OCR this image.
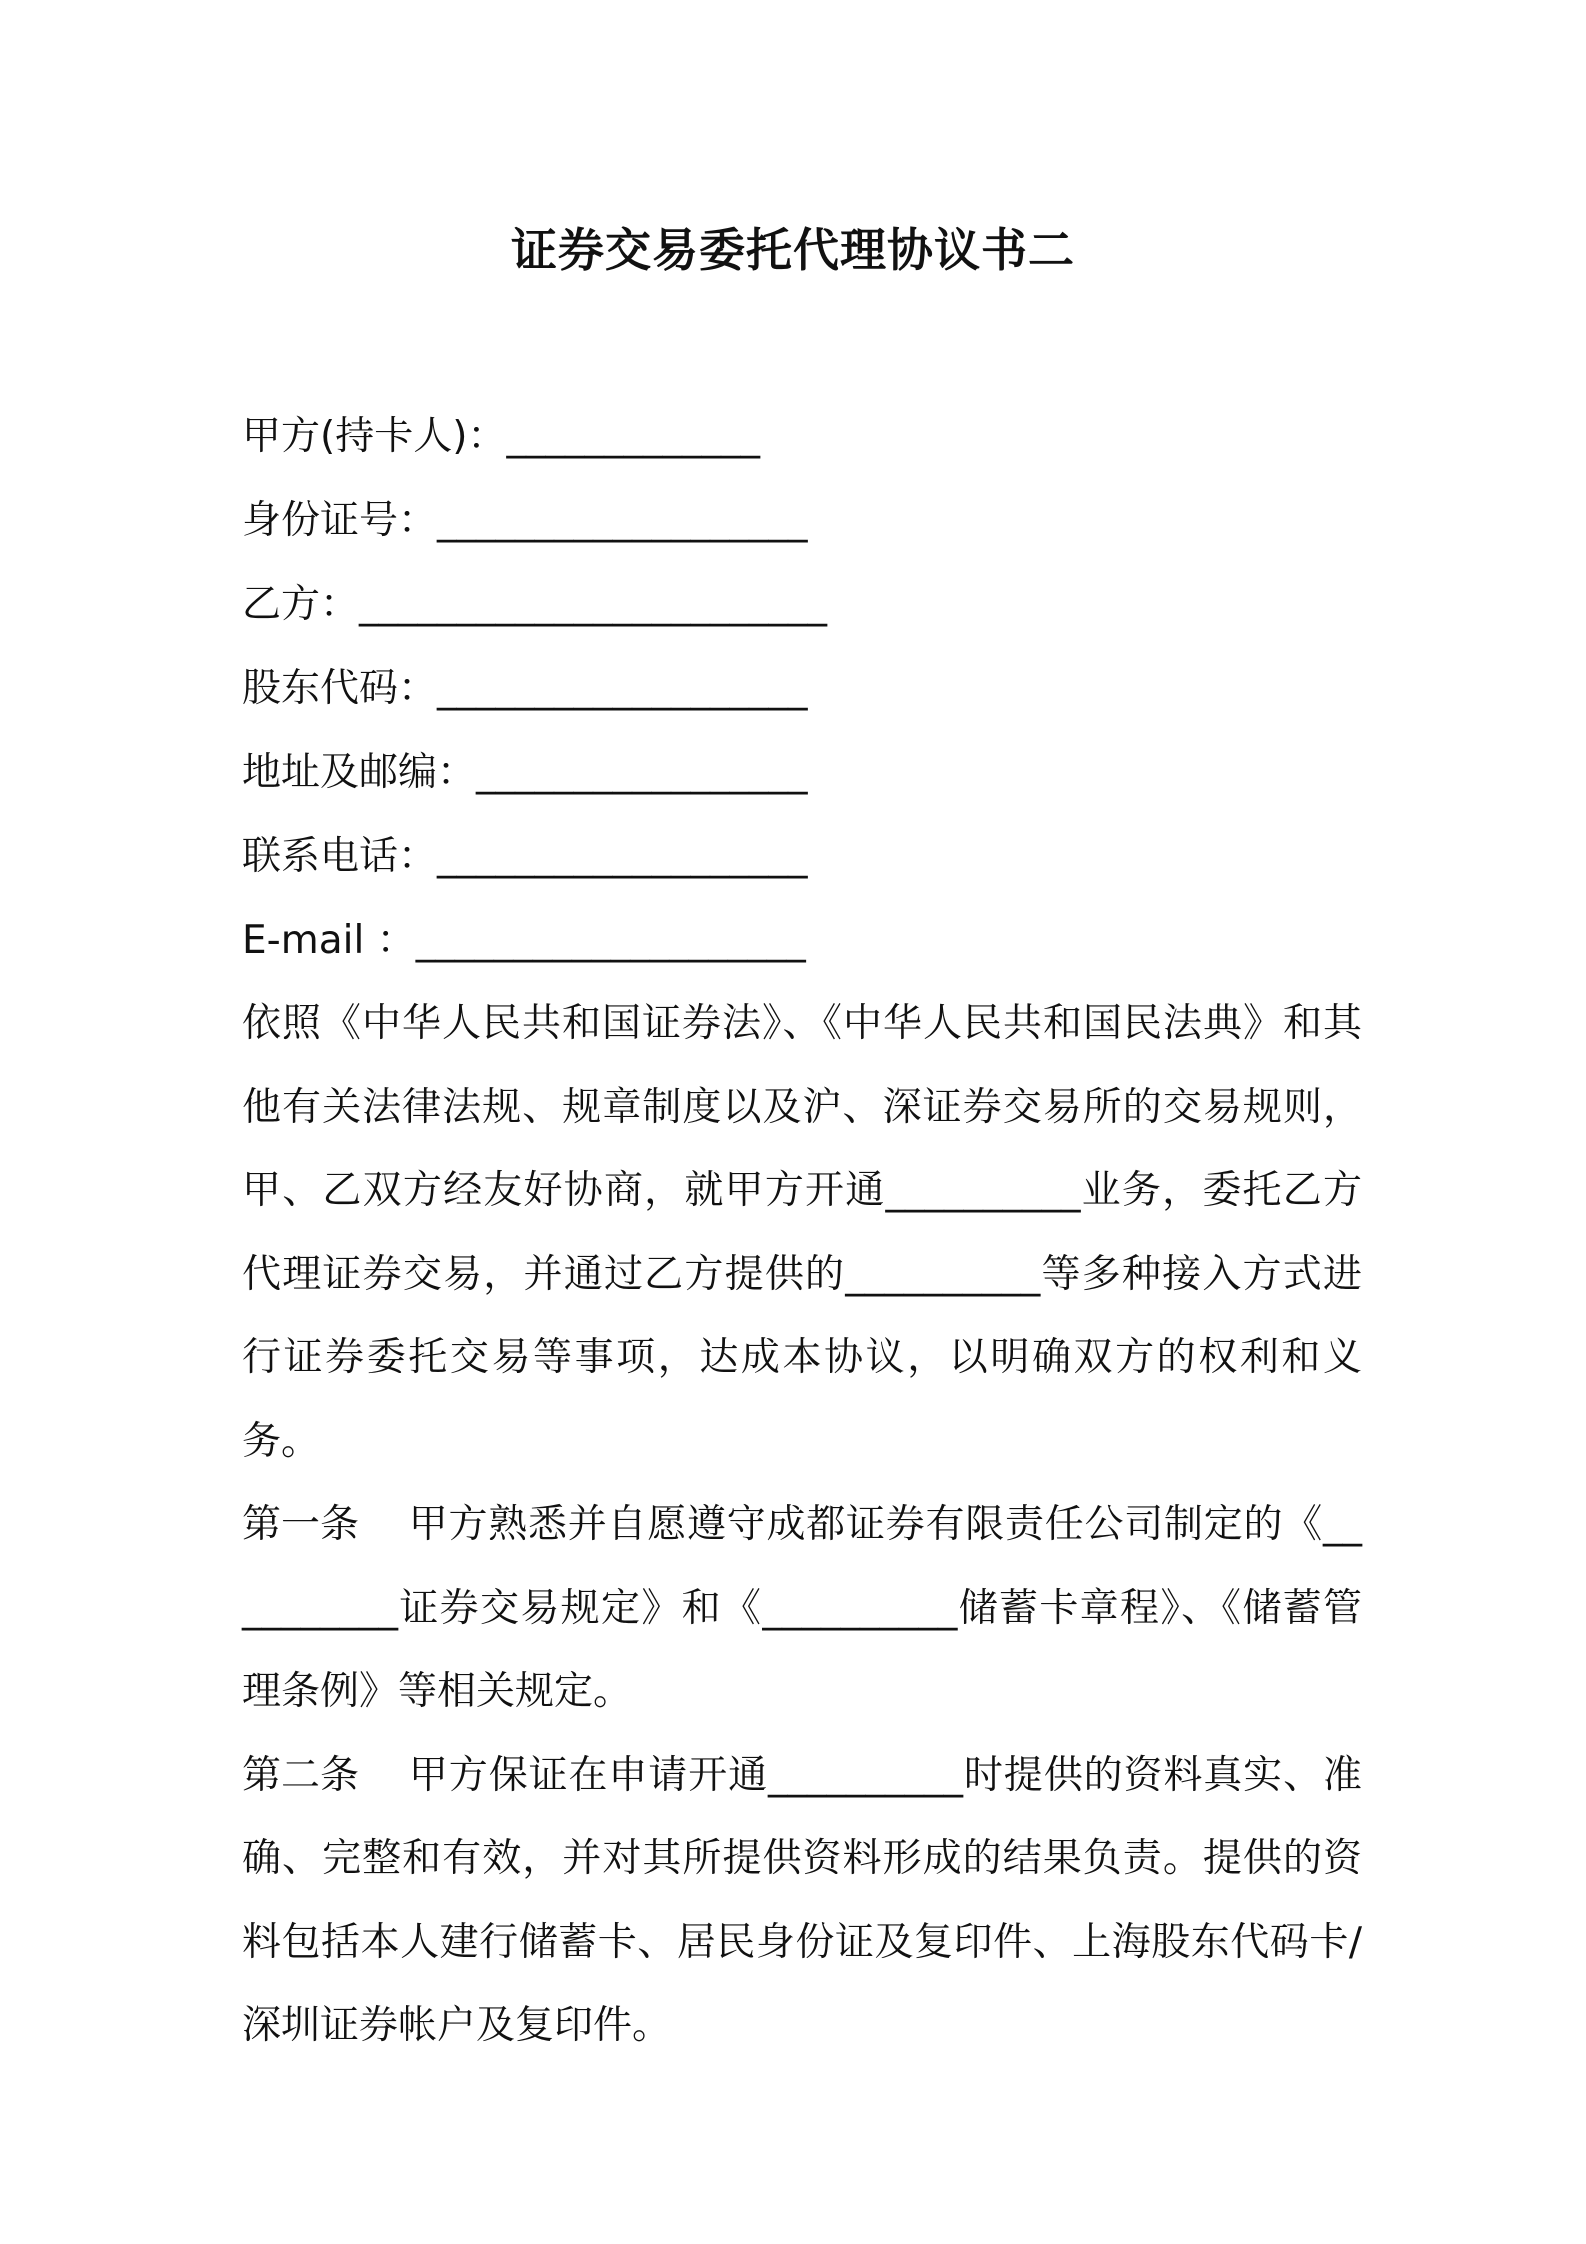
证券交易委托代理协议书二
甲方(持卡人)：_____________
身份证号：___________________
乙方：________________________
股东代码：___________________
地址及邮编：_________________
联系电话：___________________
E-mail ：____________________

依照《中华人民共和国证券法》、《中华人民共和国民法典》和其他有关法律法规、规章制度以及沪、深证券交易所的交易规则，甲、乙双方经友好协商，就甲方开通__________业务，委托乙方代理证券交易，并通过乙方提供的__________等多种接入方式进行证券委托交易等事项，达成本协议，以明确双方的权利和义务。

第一条 甲方熟悉并自愿遵守成都证券有限责任公司制定的《__________证券交易规定》和《__________储蓄卡章程》、《储蓄管理条例》等相关规定。

第二条 甲方保证在申请开通__________时提供的资料真实、准确、完整和有效，并对其所提供资料形成的结果负责。提供的资料包括本人建行储蓄卡、居民身份证及复印件、上海股东代码卡/深圳证券帐户及复印件。
